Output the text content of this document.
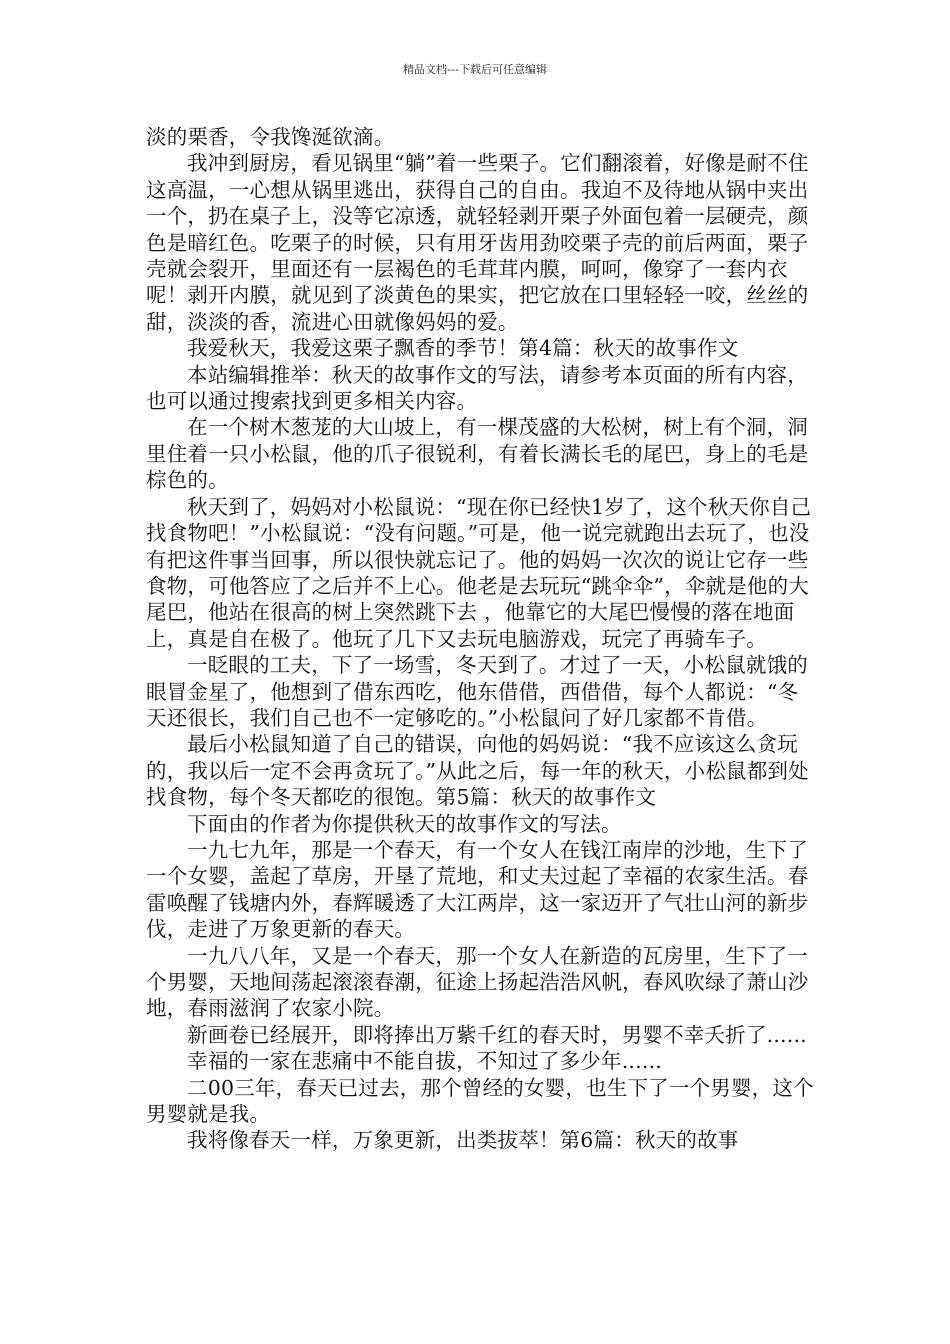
精品文档---下载后可任意编辑

淡的栗香，令我馋涎欲滴。

我冲到厨房，看见锅里“躺”着一些栗子。它们翻滚着，好像是耐不住这高温，一心想从锅里逃出，获得自己的自由。我迫不及待地从锅中夹出一个，扔在桌子上，没等它凉透，就轻轻剥开栗子外面包着一层硬壳，颜色是暗红色。吃栗子的时候，只有用牙齿用劲咬栗子壳的前后两面，栗子壳就会裂开，里面还有一层褐色的毛茸茸内膜，呵呵，像穿了一套内衣呢！剥开内膜，就见到了淡黄色的果实，把它放在口里轻轻一咬，丝丝的甜，淡淡的香，流进心田就像妈妈的爱。

我爱秋天，我爱这栗子飘香的季节！第4篇：秋天的故事作文

本站编辑推举：秋天的故事作文的写法，请参考本页面的所有内容，也可以通过搜索找到更多相关内容。

在一个树木葱茏的大山坡上，有一棵茂盛的大松树，树上有个洞，洞里住着一只小松鼠，他的爪子很锐利，有着长满长毛的尾巴，身上的毛是棕色的。

秋天到了，妈妈对小松鼠说：“现在你已经快1岁了，这个秋天你自己找食物吧！”小松鼠说：“没有问题。”可是，他一说完就跑出去玩了，也没有把这件事当回事，所以很快就忘记了。他的妈妈一次次的说让它存一些食物，可他答应了之后并不上心。他老是去玩玩“跳伞伞”，伞就是他的大尾巴，他站在很高的树上突然跳下去 ，他靠它的大尾巴慢慢的落在地面上，真是自在极了。他玩了几下又去玩电脑游戏，玩完了再骑车子。

一眨眼的工夫，下了一场雪，冬天到了。才过了一天，小松鼠就饿的眼冒金星了，他想到了借东西吃，他东借借，西借借，每个人都说：“冬天还很长，我们自己也不一定够吃的。”小松鼠问了好几家都不肯借。

最后小松鼠知道了自己的错误，向他的妈妈说：“我不应该这么贪玩的，我以后一定不会再贪玩了。”从此之后，每一年的秋天，小松鼠都到处找食物，每个冬天都吃的很饱。第5篇：秋天的故事作文

下面由的作者为你提供秋天的故事作文的写法。

一九七九年，那是一个春天，有一个女人在钱江南岸的沙地，生下了一个女婴，盖起了草房，开垦了荒地，和丈夫过起了幸福的农家生活。春雷唤醒了钱塘内外，春辉暖透了大江两岸，这一家迈开了气壮山河的新步伐，走进了万象更新的春天。

一九八八年，又是一个春天，那一个女人在新造的瓦房里，生下了一个男婴，天地间荡起滚滚春潮，征途上扬起浩浩风帆，春风吹绿了萧山沙地，春雨滋润了农家小院。

新画卷已经展开，即将捧出万紫千红的春天时，男婴不幸夭折了......

幸福的一家在悲痛中不能自拔，不知过了多少年......

二00三年，春天已过去，那个曾经的女婴，也生下了一个男婴，这个男婴就是我。

我将像春天一样，万象更新，出类拔萃！第6篇：秋天的故事
